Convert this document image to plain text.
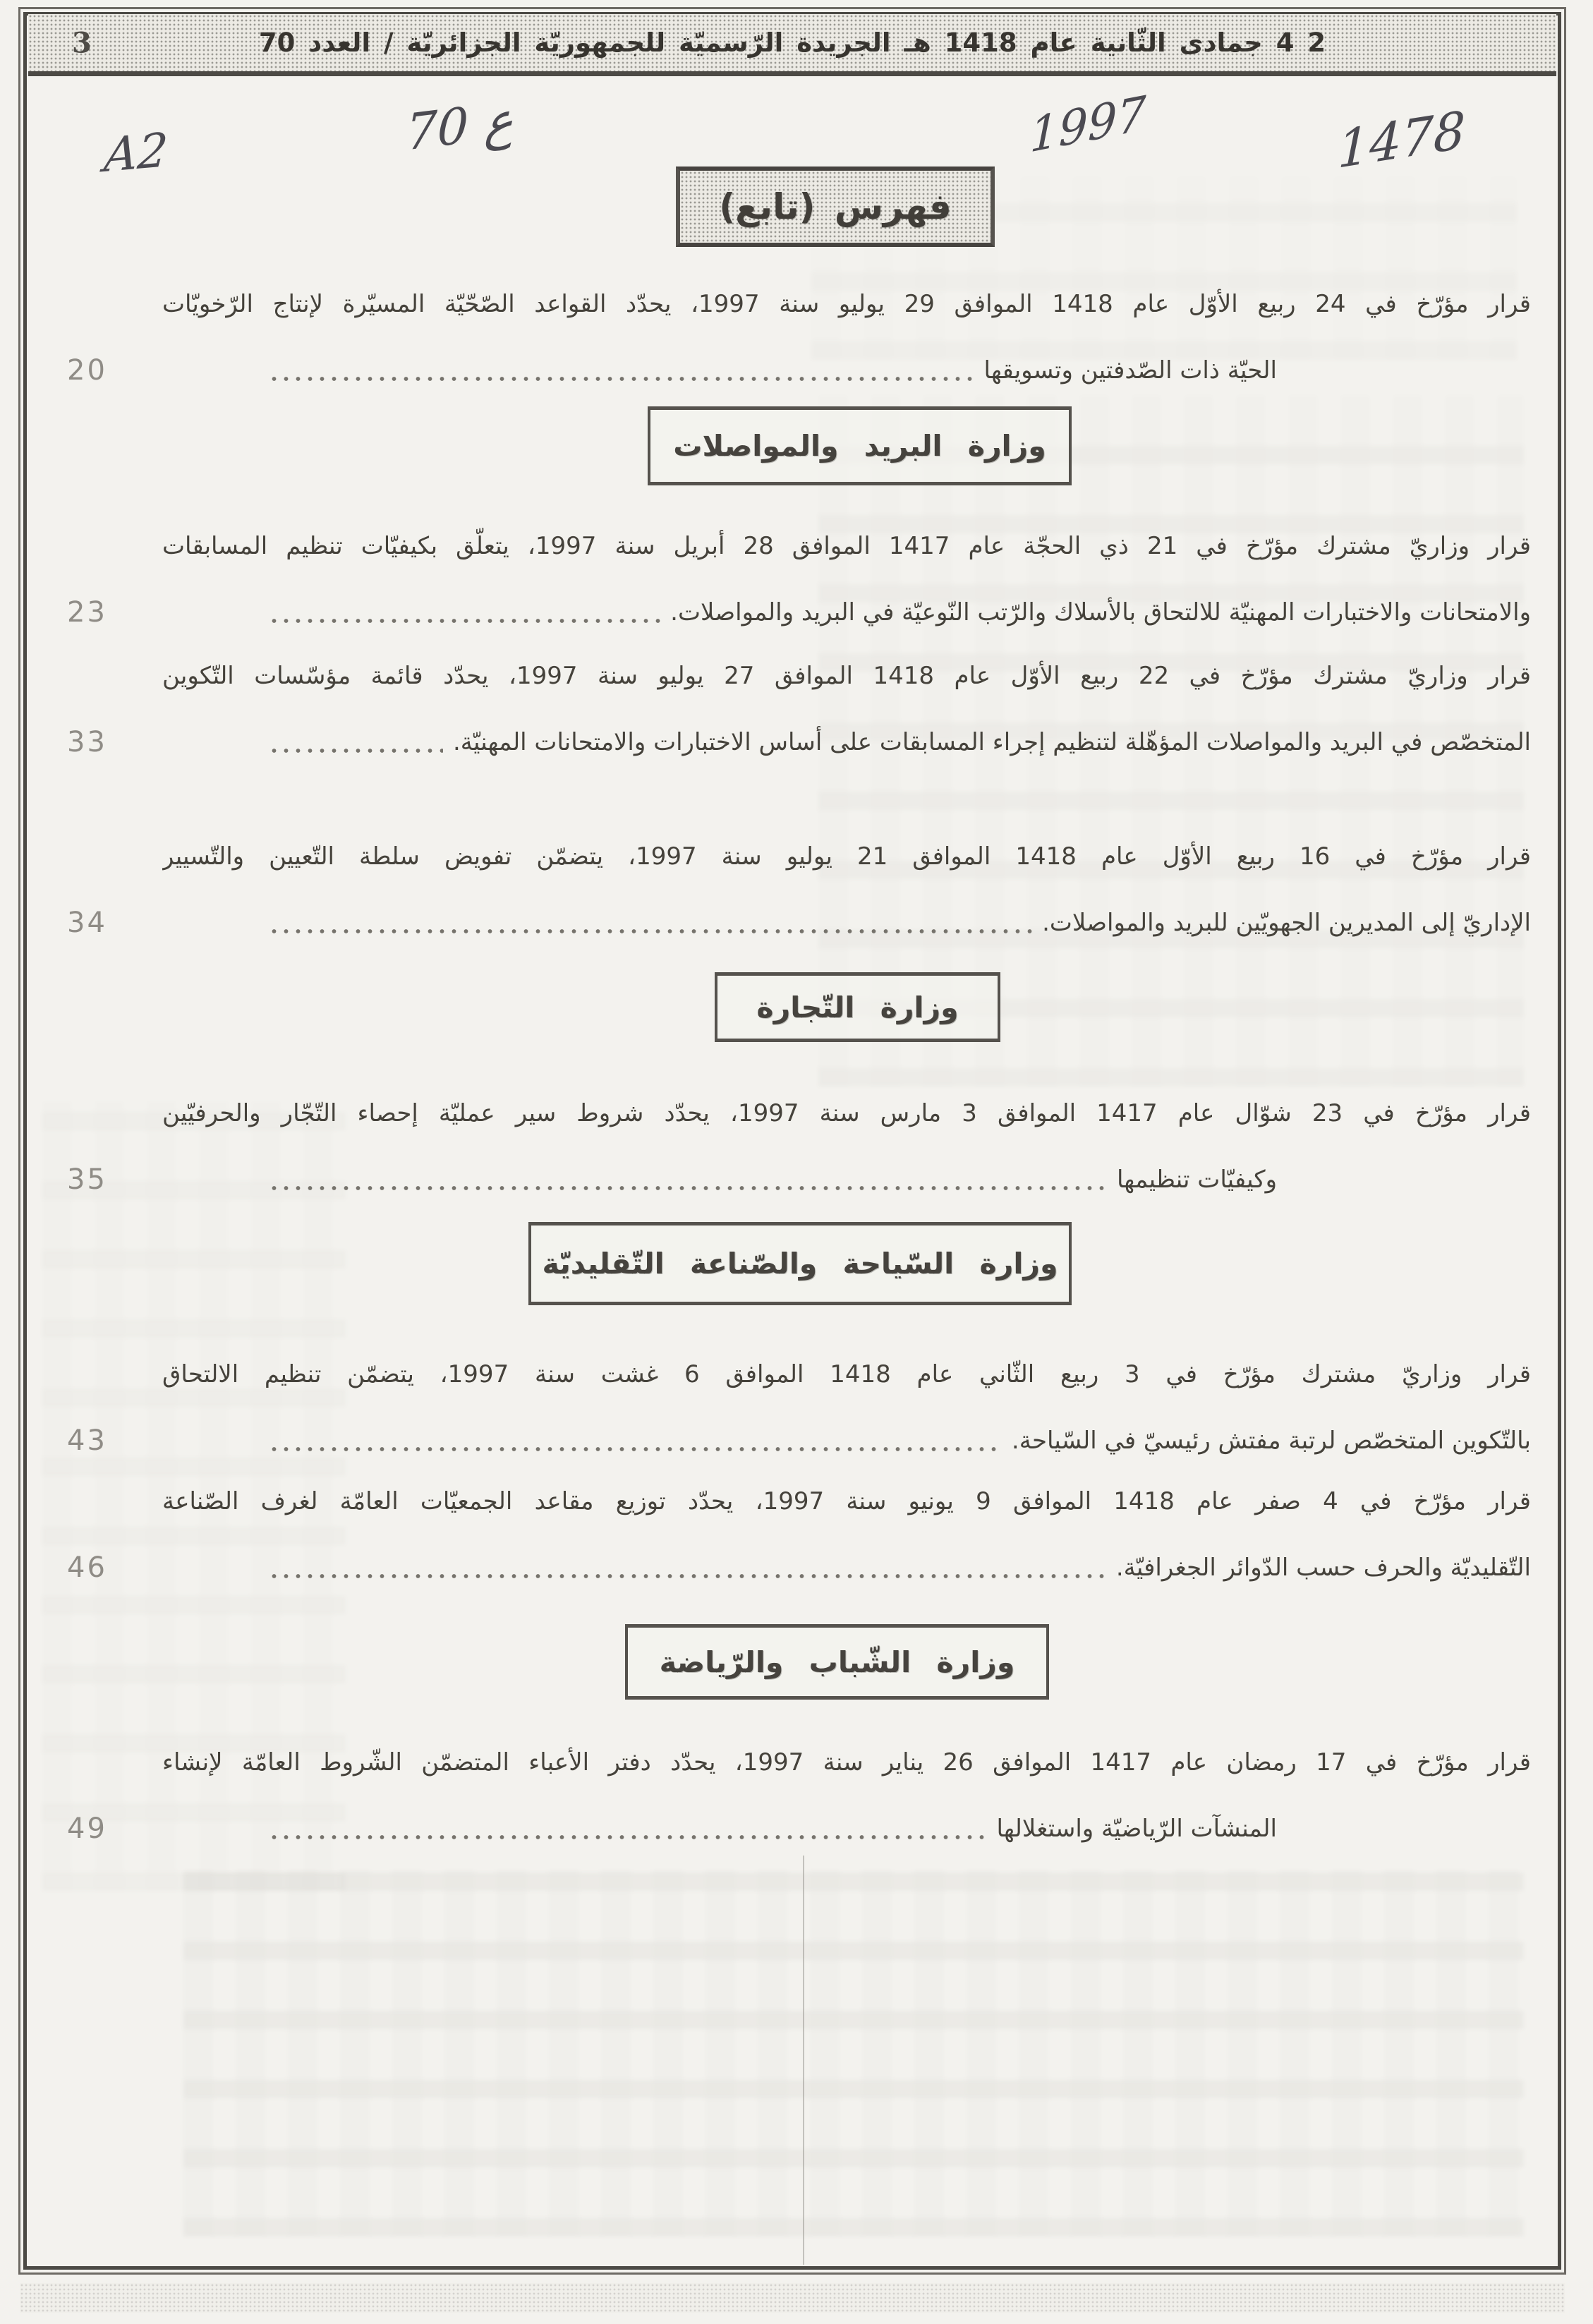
3	2 4 جمادى الثّانية عام 1418 هـ الجريدة الرّسميّة للجمهوريّة الجزائريّة / العدد 70
A2	70 ع	1997	1478
فهرس (تابع)
قرار مؤرّخ في 24 ربيع الأوّل عام 1418 الموافق 29 يوليو سنة 1997، يحدّد القواعد الصّحّيّة المسيّرة لإنتاج الرّخويّات
20	الحيّة ذات الصّدفتين وتسويقها
وزارة البريد والمواصلات
قرار وزاريّ مشترك مؤرّخ في 21 ذي الحجّة عام 1417 الموافق 28 أبريل سنة 1997، يتعلّق بكيفيّات تنظيم المسابقات
23	والامتحانات والاختبارات المهنيّة للالتحاق بالأسلاك والرّتب النّوعيّة في البريد والمواصلات.
قرار وزاريّ مشترك مؤرّخ في 22 ربيع الأوّل عام 1418 الموافق 27 يوليو سنة 1997، يحدّد قائمة مؤسّسات التّكوين
33	المتخصّص في البريد والمواصلات المؤهّلة لتنظيم إجراء المسابقات على أساس الاختبارات والامتحانات المهنيّة.
قرار مؤرّخ في 16 ربيع الأوّل عام 1418 الموافق 21 يوليو سنة 1997، يتضمّن تفويض سلطة التّعيين والتّسيير
34	الإداريّ إلى المديرين الجهويّين للبريد والمواصلات.
وزارة التّجارة
قرار مؤرّخ في 23 شوّال عام 1417 الموافق 3 مارس سنة 1997، يحدّد شروط سير عمليّة إحصاء التّجّار والحرفيّين
35	وكيفيّات تنظيمها
وزارة السّياحة والصّناعة التّقليديّة
قرار وزاريّ مشترك مؤرّخ في 3 ربيع الثّاني عام 1418 الموافق 6 غشت سنة 1997، يتضمّن تنظيم الالتحاق
43	بالتّكوين المتخصّص لرتبة مفتش رئيسيّ في السّياحة.
قرار مؤرّخ في 4 صفر عام 1418 الموافق 9 يونيو سنة 1997، يحدّد توزيع مقاعد الجمعيّات العامّة لغرف الصّناعة
46	التّقليديّة والحرف حسب الدّوائر الجغرافيّة.
وزارة الشّباب والرّياضة
قرار مؤرّخ في 17 رمضان عام 1417 الموافق 26 يناير سنة 1997، يحدّد دفتر الأعباء المتضمّن الشّروط العامّة لإنشاء
49	المنشآت الرّياضيّة واستغلالها
